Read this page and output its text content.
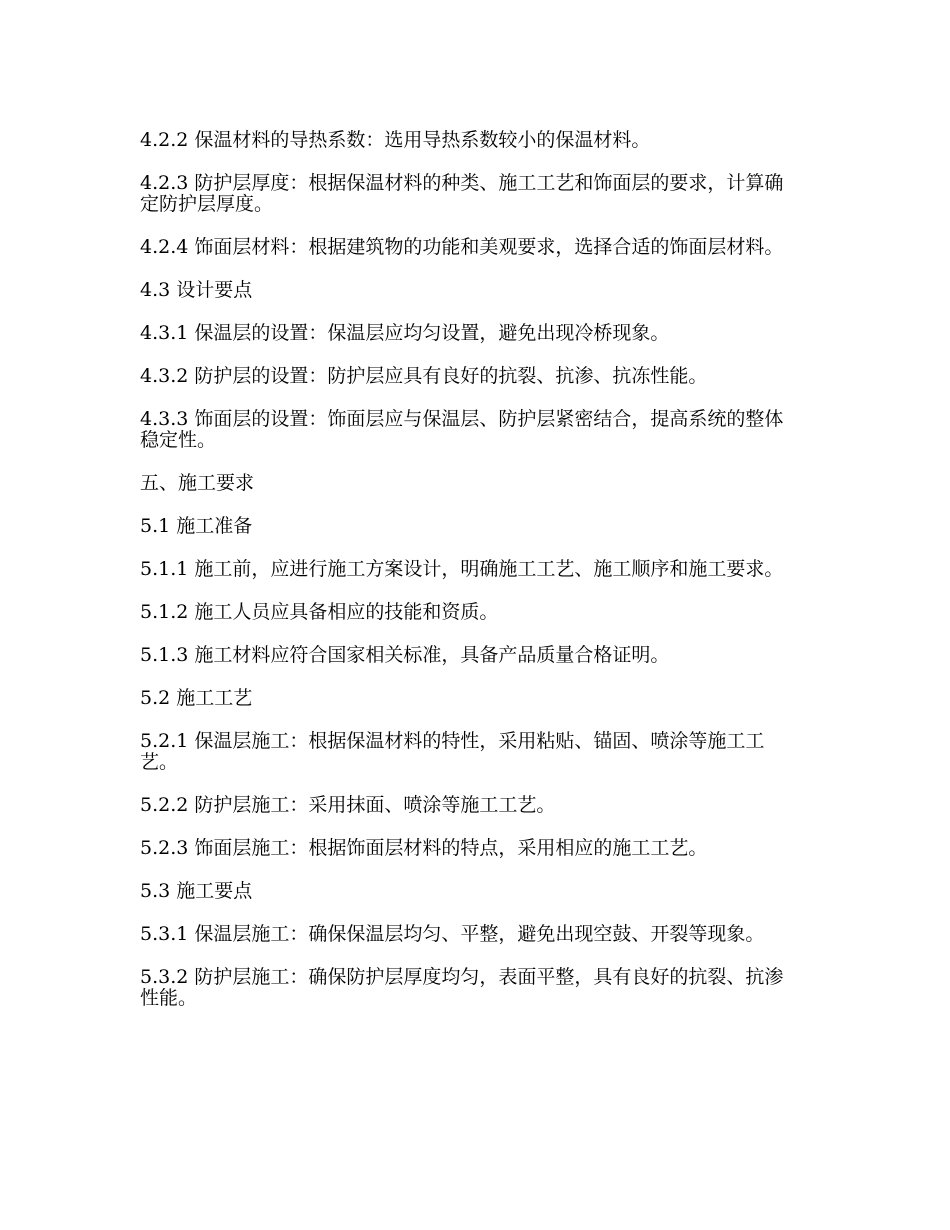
4.2.2 保温材料的导热系数：选用导热系数较小的保温材料。

4.2.3 防护层厚度：根据保温材料的种类、施工工艺和饰面层的要求，计算确定防护层厚度。

4.2.4 饰面层材料：根据建筑物的功能和美观要求，选择合适的饰面层材料。

4.3 设计要点

4.3.1 保温层的设置：保温层应均匀设置，避免出现冷桥现象。

4.3.2 防护层的设置：防护层应具有良好的抗裂、抗渗、抗冻性能。

4.3.3 饰面层的设置：饰面层应与保温层、防护层紧密结合，提高系统的整体稳定性。

五、施工要求

5.1 施工准备

5.1.1 施工前，应进行施工方案设计，明确施工工艺、施工顺序和施工要求。

5.1.2 施工人员应具备相应的技能和资质。

5.1.3 施工材料应符合国家相关标准，具备产品质量合格证明。

5.2 施工工艺

5.2.1 保温层施工：根据保温材料的特性，采用粘贴、锚固、喷涂等施工工艺。

5.2.2 防护层施工：采用抹面、喷涂等施工工艺。

5.2.3 饰面层施工：根据饰面层材料的特点，采用相应的施工工艺。

5.3 施工要点

5.3.1 保温层施工：确保保温层均匀、平整，避免出现空鼓、开裂等现象。

5.3.2 防护层施工：确保防护层厚度均匀，表面平整，具有良好的抗裂、抗渗性能。
